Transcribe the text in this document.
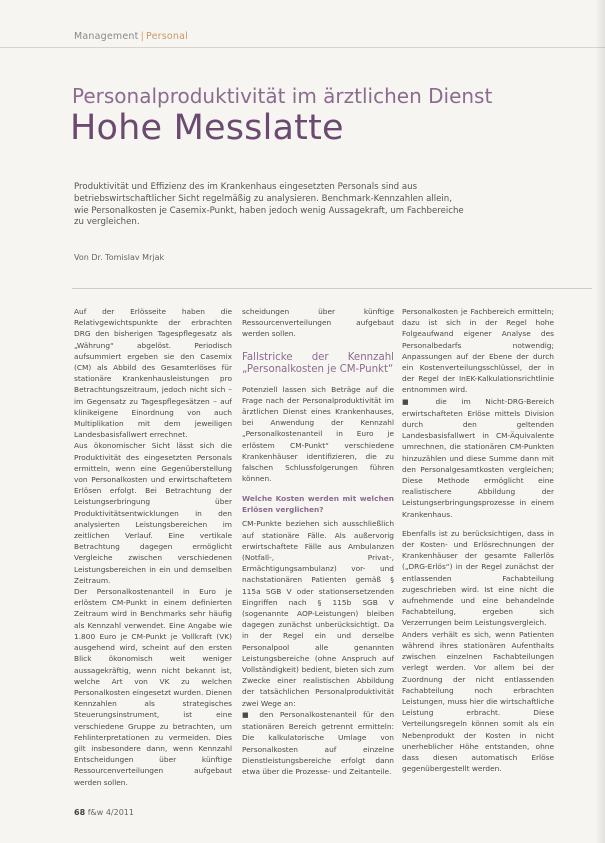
Management | Personal
Personalproduktivität im ärztlichen Dienst
Hohe Messlatte
Produktivität und Effizienz des im Krankenhaus eingesetzten Personals sind aus betriebswirtschaftlicher Sicht regelmäßig zu analysieren. Benchmark-Kennzahlen allein, wie Personalkosten je Casemix-Punkt, haben jedoch wenig Aussagekraft, um Fachbereiche zu vergleichen.
Von Dr. Tomislav Mrjak

Auf der Erlösseite haben die Relativgewichtspunkte der erbrachten DRG den bisherigen Tagespflegesatz als „Währung“ abgelöst. Periodisch aufsummiert ergeben sie den Casemix (CM) als Abbild des Gesamterlöses für stationäre Krankenhausleistungen pro Betrachtungszeitraum, jedoch nicht sich – im Gegensatz zu Tagespflegesätzen – auf klinikeigene Einordnung von auch Multiplikation mit dem jeweiligen Landesbasisfallwert errechnet.

Aus ökonomischer Sicht lässt sich die Produktivität des eingesetzten Personals ermitteln, wenn eine Gegenüberstellung von Personalkosten und erwirtschaftetem Erlösen erfolgt. Bei Betrachtung der Leistungserbringung über Produktivitätsentwicklungen in den analysierten Leistungsbereichen im zeitlichen Verlauf. Eine vertikale Betrachtung dagegen ermöglicht Vergleiche zwischen verschiedenen Leistungsbereichen in ein und demselben Zeitraum.

Der Personalkostenanteil in Euro je erlöstem CM-Punkt in einem definierten Zeitraum wird in Benchmarks sehr häufig als Kennzahl verwendet. Eine Angabe wie 1.800 Euro je CM-Punkt je Vollkraft (VK) ausgehend wird, scheint auf den ersten Blick ökonomisch weit weniger aussagekräftig, wenn nicht bekannt ist, welche Art von VK zu welchen Personalkosten eingesetzt wurden. Dienen Kennzahlen als strategisches Steuerungsinstrument, ist eine verschiedene Gruppe zu betrachten, um Fehlinterpretationen zu vermeiden. Dies gilt insbesondere dann, wenn Kennzahl Entscheidungen über künftige Ressourcenverteilungen aufgebaut werden sollen.

scheidungen über künftige Ressourcenverteilungen aufgebaut werden sollen.

Fallstricke der Kennzahl „Personalkosten je CM-Punkt“

Potenziell lassen sich Beträge auf die Frage nach der Personalproduktivität im ärztlichen Dienst eines Krankenhauses, bei Anwendung der Kennzahl „Personalkostenanteil in Euro je erlöstem CM-Punkt“ verschiedene Krankenhäuser identifizieren, die zu falschen Schlussfolgerungen führen können.

Welche Kosten werden mit welchen Erlösen verglichen?

CM-Punkte beziehen sich ausschließlich auf stationäre Fälle. Als außervorig erwirtschaftete Fälle aus Ambulanzen (Notfall-, Privat-, Ermächtigungsambulanz) vor- und nachstationären Patienten gemäß § 115a SGB V oder stationsersetzenden Eingriffen nach § 115b SGB V (sogenannte AOP-Leistungen) bleiben dagegen zunächst unberücksichtigt. Da in der Regel ein und derselbe Personalpool alle genannten Leistungsbereiche (ohne Anspruch auf Vollständigkeit) bedient, bieten sich zum Zwecke einer realistischen Abbildung der tatsächlichen Personalproduktivität zwei Wege an:

■ den Personalkostenanteil für den stationären Bereich getrennt ermitteln: Die kalkulatorische Umlage von Personalkosten auf einzelne Dienstleistungsbereiche erfolgt dann etwa über die Prozesse- und Zeitanteile.

Personalkosten je Fachbereich ermitteln; dazu ist sich in der Regel hohe Folgeaufwand eigener Analyse des Personalbedarfs notwendig; Anpassungen auf der Ebene der durch ein Kostenverteilungsschlüssel, der in der Regel der InEK-Kalkulationsrichtlinie entnommen wird.

■ die im Nicht-DRG-Bereich erwirtschafteten Erlöse mittels Division durch den geltenden Landesbasisfallwert in CM-Äquivalente umrechnen, die stationären CM-Punkten hinzuzählen und diese Summe dann mit den Personalgesamtkosten vergleichen; Diese Methode ermöglicht eine realistischere Abbildung der Leistungserbringungsprozesse in einem Krankenhaus.

Ebenfalls ist zu berücksichtigen, dass in der Kosten- und Erlösrechnungen der Krankenhäuser der gesamte Fallerlös („DRG-Erlös“) in der Regel zunächst der entlassenden Fachabteilung zugeschrieben wird. Ist eine nicht die aufnehmende und eine behandelnde Fachabteilung, ergeben sich Verzerrungen beim Leistungsvergleich.

Anders verhält es sich, wenn Patienten während ihres stationären Aufenthalts zwischen einzelnen Fachabteilungen verlegt werden. Vor allem bei der Zuordnung der nicht entlassenden Fachabteilung noch erbrachten Leistungen, muss hier die wirtschaftliche Leistung erbracht. Diese Verteilungsregeln können somit als ein Nebenprodukt der Kosten in nicht unerheblicher Höhe entstanden, ohne dass diesen automatisch Erlöse gegenübergestellt werden.

68 f&w 4/2011
